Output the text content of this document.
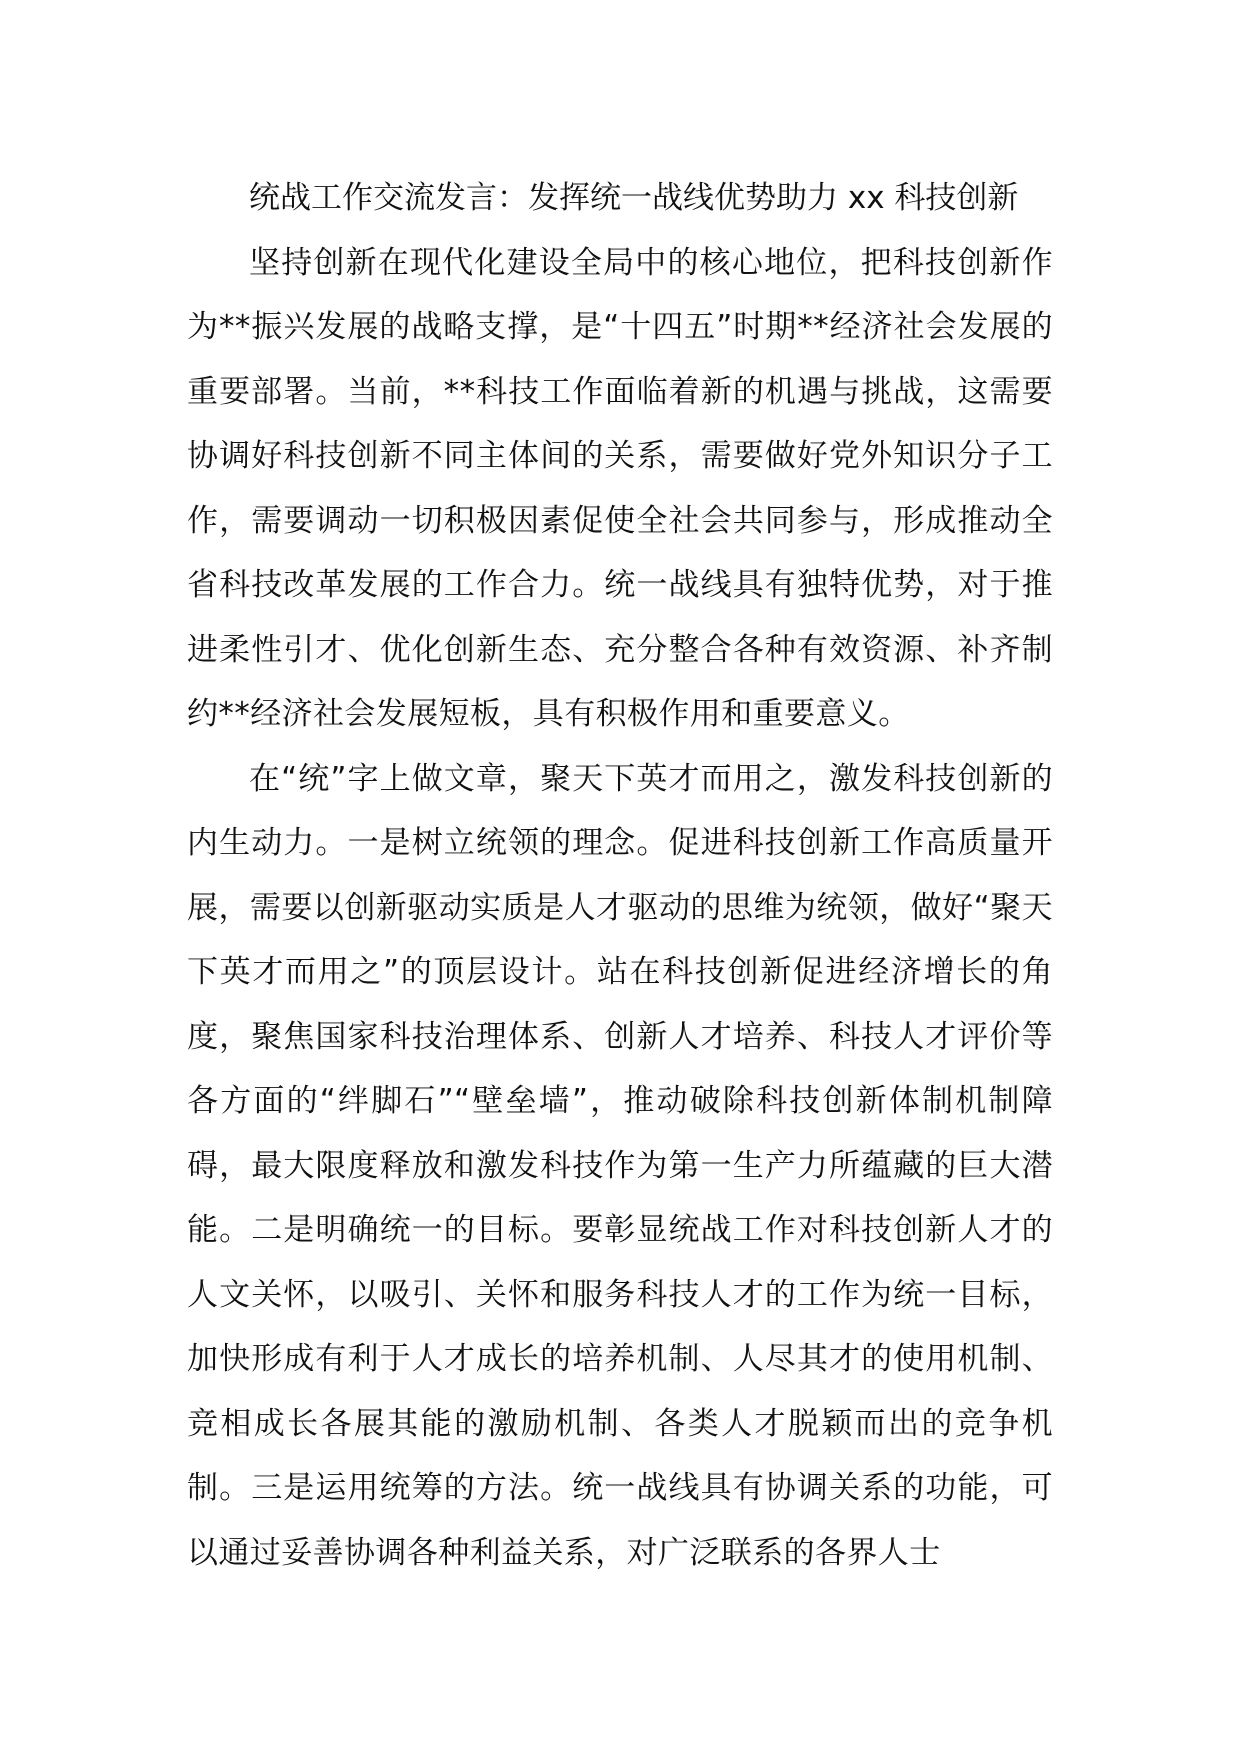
统战工作交流发言：发挥统一战线优势助力 xx 科技创新

坚持创新在现代化建设全局中的核心地位，把科技创新作为**振兴发展的战略支撑，是“十四五”时期**经济社会发展的重要部署。当前，**科技工作面临着新的机遇与挑战，这需要协调好科技创新不同主体间的关系，需要做好党外知识分子工作，需要调动一切积极因素促使全社会共同参与，形成推动全省科技改革发展的工作合力。统一战线具有独特优势，对于推进柔性引才、优化创新生态、充分整合各种有效资源、补齐制约**经济社会发展短板，具有积极作用和重要意义。

在“统”字上做文章，聚天下英才而用之，激发科技创新的内生动力。一是树立统领的理念。促进科技创新工作高质量开展，需要以创新驱动实质是人才驱动的思维为统领，做好“聚天下英才而用之”的顶层设计。站在科技创新促进经济增长的角度，聚焦国家科技治理体系、创新人才培养、科技人才评价等各方面的“绊脚石”“壁垒墙”，推动破除科技创新体制机制障碍，最大限度释放和激发科技作为第一生产力所蕴藏的巨大潜能。二是明确统一的目标。要彰显统战工作对科技创新人才的人文关怀，以吸引、关怀和服务科技人才的工作为统一目标，加快形成有利于人才成长的培养机制、人尽其才的使用机制、竞相成长各展其能的激励机制、各类人才脱颖而出的竞争机制。三是运用统筹的方法。统一战线具有协调关系的功能，可以通过妥善协调各种利益关系，对广泛联系的各界人士
